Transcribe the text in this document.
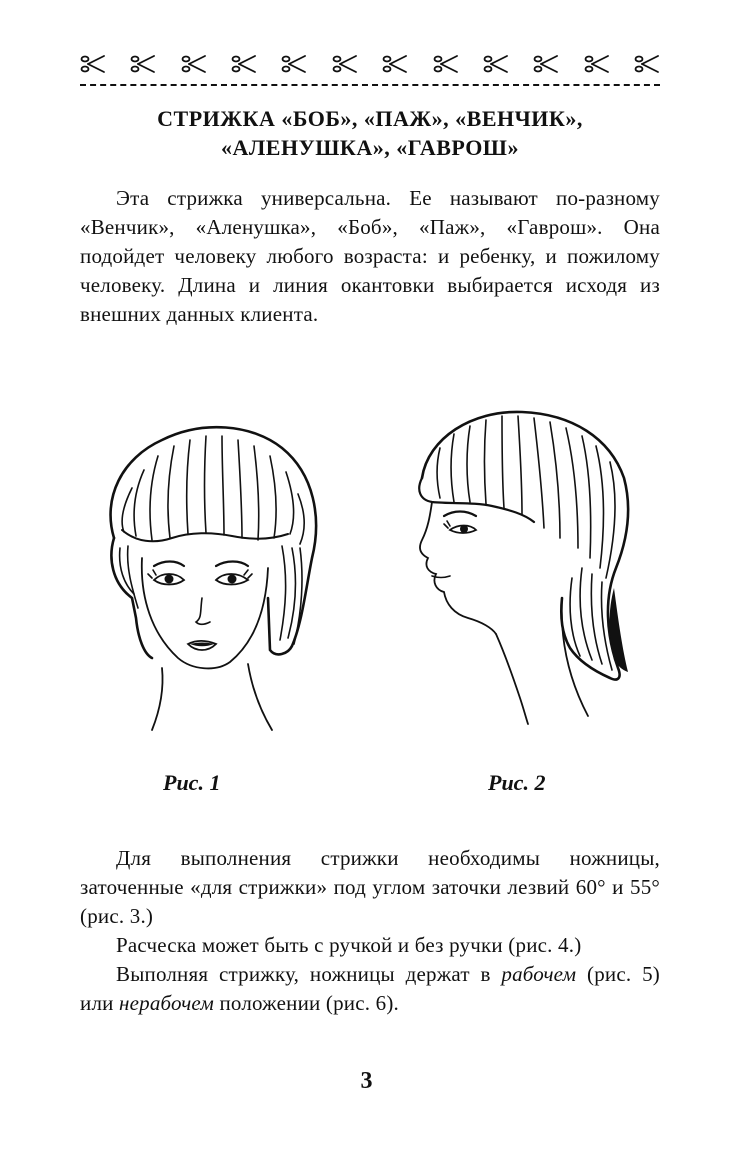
СТРИЖКА «БОБ», «ПАЖ», «ВЕНЧИК»,
«АЛЕНУШКА», «ГАВРОШ»

Эта стрижка универсальна. Ее называют по-разному «Венчик», «Аленушка», «Боб», «Паж», «Гаврош». Она подойдет человеку любого возраста: и ребенку, и пожилому человеку. Длина и линия окантовки выбирается исходя из внешних данных клиента.

Рис. 1	Рис. 2

Для выполнения стрижки необходимы ножницы, заточенные «для стрижки» под углом заточки лезвий 60° и 55° (рис. 3.)

Расческа может быть с ручкой и без ручки (рис. 4.)

Выполняя стрижку, ножницы держат в рабочем (рис. 5) или нерабочем положении (рис. 6).

3
